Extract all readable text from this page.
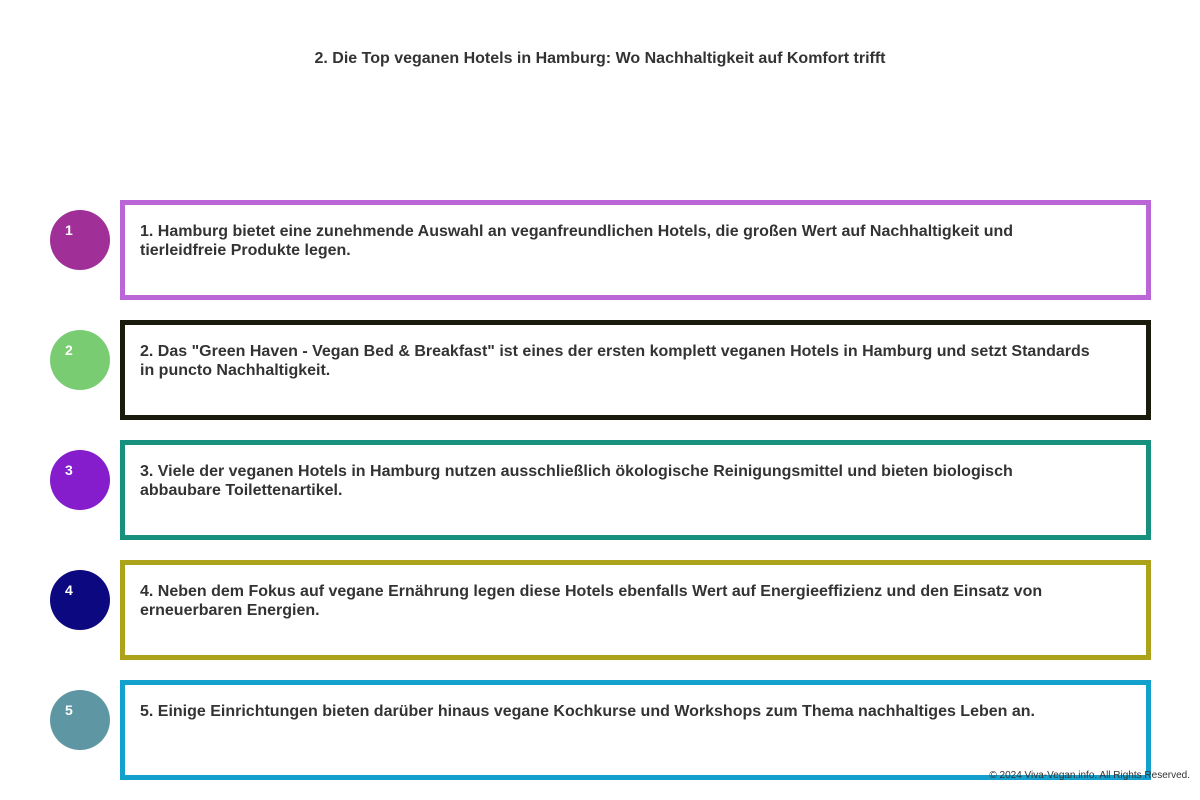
2. Die Top veganen Hotels in Hamburg: Wo Nachhaltigkeit auf Komfort trifft
1	1. Hamburg bietet eine zunehmende Auswahl an veganfreundlichen Hotels, die großen Wert auf Nachhaltigkeit und tierleidfreie Produkte legen.
2	2. Das "Green Haven - Vegan Bed & Breakfast" ist eines der ersten komplett veganen Hotels in Hamburg und setzt Standards in puncto Nachhaltigkeit.
3	3. Viele der veganen Hotels in Hamburg nutzen ausschließlich ökologische Reinigungsmittel und bieten biologisch abbaubare Toilettenartikel.
4	4. Neben dem Fokus auf vegane Ernährung legen diese Hotels ebenfalls Wert auf Energieeffizienz und den Einsatz von erneuerbaren Energien.
5	5. Einige Einrichtungen bieten darüber hinaus vegane Kochkurse und Workshops zum Thema nachhaltiges Leben an.
© 2024 Viva-Vegan.info. All Rights Reserved.
